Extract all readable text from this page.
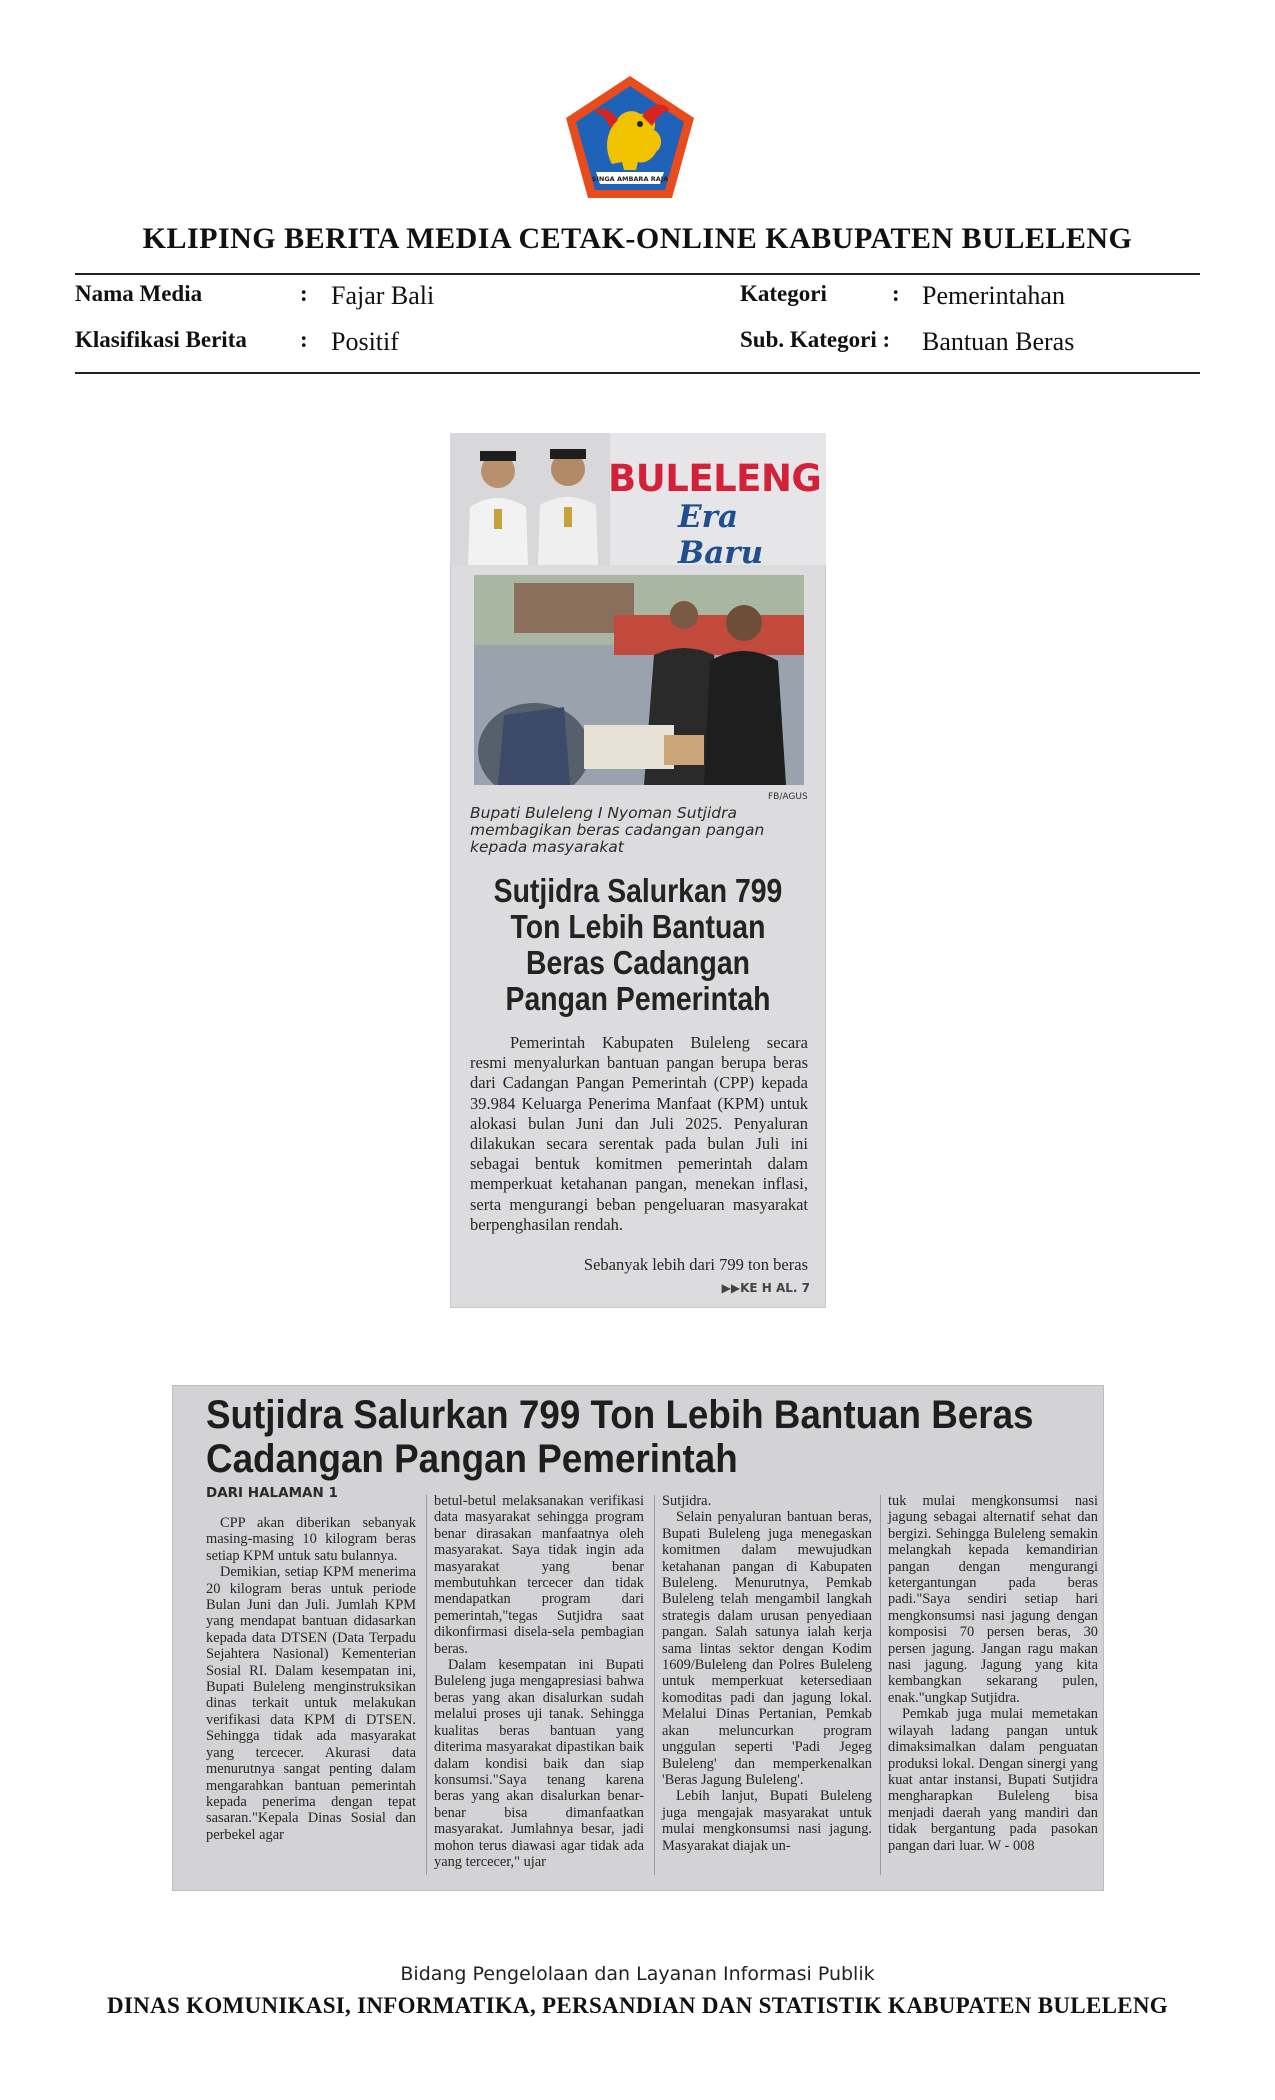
SINGA AMBARA RAJA
KLIPING BERITA MEDIA CETAK-ONLINE KABUPATEN BULELENG
Nama Media	: Fajar Bali	Kategori	: Pemerintahan
Klasifikasi Berita : Positif	Sub. Kategori : Bantuan Beras
BULELENG
Era Baru
FB/AGUS
Bupati Buleleng I Nyoman Sutjidra membagikan beras cadangan pangan kepada masyarakat
Sutjidra Salurkan 799 Ton Lebih Bantuan Beras Cadangan Pangan Pemerintah
Pemerintah Kabupaten Buleleng secara resmi menyalurkan bantuan pangan berupa beras dari Cadangan Pangan Pemerintah (CPP) kepada 39.984 Keluarga Penerima Manfaat (KPM) untuk alokasi bulan Juni dan Juli 2025. Penyaluran dilakukan secara serentak pada bulan Juli ini sebagai bentuk komitmen pemerintah dalam memperkuat ketahanan pangan, menekan inflasi, serta mengurangi beban pengeluaran masyarakat berpenghasilan rendah.
Sebanyak lebih dari 799 ton beras
▶▶KE H AL. 7
Sutjidra Salurkan 799 Ton Lebih Bantuan Beras Cadangan Pangan Pemerintah
DARI HALAMAN 1

CPP akan diberikan sebanyak masing-masing 10 kilogram beras setiap KPM untuk satu bulannya.

Demikian, setiap KPM menerima 20 kilogram beras untuk periode Bulan Juni dan Juli. Jumlah KPM yang mendapat bantuan didasarkan kepada data DTSEN (Data Terpadu Sejahtera Nasional) Kementerian Sosial RI. Dalam kesempatan ini, Bupati Buleleng menginstruksikan dinas terkait untuk melakukan verifikasi data KPM di DTSEN. Sehingga tidak ada masyarakat yang tercecer. Akurasi data menurutnya sangat penting dalam mengarahkan bantuan pemerintah kepada penerima dengan tepat sasaran."Kepala Dinas Sosial dan perbekel agar

betul-betul melaksanakan verifikasi data masyarakat sehingga program benar dirasakan manfaatnya oleh masyarakat. Saya tidak ingin ada masyarakat yang benar membutuhkan tercecer dan tidak mendapatkan program dari pemerintah,"tegas Sutjidra saat dikonfirmasi disela-sela pembagian beras.

Dalam kesempatan ini Bupati Buleleng juga mengapresiasi bahwa beras yang akan disalurkan sudah melalui proses uji tanak. Sehingga kualitas beras bantuan yang diterima masyarakat dipastikan baik dalam kondisi baik dan siap konsumsi."Saya tenang karena beras yang akan disalurkan benar-benar bisa dimanfaatkan masyarakat. Jumlahnya besar, jadi mohon terus diawasi agar tidak ada yang tercecer," ujar

Sutjidra.

Selain penyaluran bantuan beras, Bupati Buleleng juga menegaskan komitmen dalam mewujudkan ketahanan pangan di Kabupaten Buleleng. Menurutnya, Pemkab Buleleng telah mengambil langkah strategis dalam urusan penyediaan pangan. Salah satunya ialah kerja sama lintas sektor dengan Kodim 1609/Buleleng dan Polres Buleleng untuk memperkuat ketersediaan komoditas padi dan jagung lokal. Melalui Dinas Pertanian, Pemkab akan meluncurkan program unggulan seperti 'Padi Jegeg Buleleng' dan memperkenalkan 'Beras Jagung Buleleng'.

Lebih lanjut, Bupati Buleleng juga mengajak masyarakat untuk mulai mengkonsumsi nasi jagung. Masyarakat diajak un-

tuk mulai mengkonsumsi nasi jagung sebagai alternatif sehat dan bergizi. Sehingga Buleleng semakin melangkah kepada kemandirian pangan dengan mengurangi ketergantungan pada beras padi."Saya sendiri setiap hari mengkonsumsi nasi jagung dengan komposisi 70 persen beras, 30 persen jagung. Jangan ragu makan nasi jagung. Jagung yang kita kembangkan sekarang pulen, enak."ungkap Sutjidra.

Pemkab juga mulai memetakan wilayah ladang pangan untuk dimaksimalkan dalam penguatan produksi lokal. Dengan sinergi yang kuat antar instansi, Bupati Sutjidra mengharapkan Buleleng bisa menjadi daerah yang mandiri dan tidak bergantung pada pasokan pangan dari luar. W - 008

Bidang Pengelolaan dan Layanan Informasi Publik
DINAS KOMUNIKASI, INFORMATIKA, PERSANDIAN DAN STATISTIK KABUPATEN BULELENG
